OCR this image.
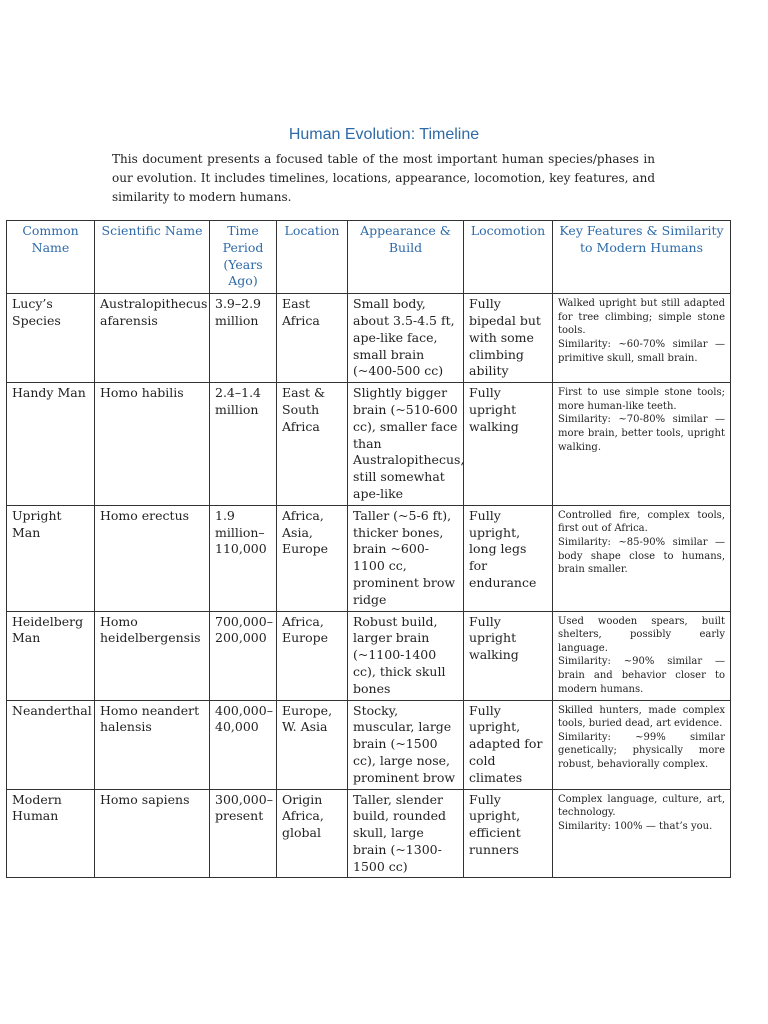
Human Evolution: Timeline
This document presents a focused table of the most important human species/phases in our evolution. It includes timelines, locations, appearance, locomotion, key features, and similarity to modern humans.
Common Name	Scientific Name	Time Period (Years Ago)	Location	Appearance & Build	Locomotion	Key Features & Similarity to Modern Humans
Lucy’s Species	Australopithecus afarensis	3.9–2.9 million	East Africa	Small body, about 3.5-4.5 ft, ape-like face, small brain (~400-500 cc)	Fully bipedal but with some climbing ability	Walked upright but still adapted for tree climbing; simple stone tools.
Similarity: ~60-70% similar — primitive skull, small brain.

Handy Man	Homo habilis	2.4–1.4 million	East & South Africa	Slightly bigger brain (~510-600 cc), smaller face than Australopithecus, still somewhat ape-like	Fully upright walking	First to use simple stone tools; more human-like teeth.
Similarity: ~70-80% similar — more brain, better tools, upright walking.

Upright Man	Homo erectus	1.9 million–110,000	Africa, Asia, Europe	Taller (~5-6 ft), thicker bones, brain ~600-1100 cc, prominent brow ridge	Fully upright, long legs for endurance	Controlled fire, complex tools, first out of Africa.
Similarity: ~85-90% similar — body shape close to humans, brain smaller.

Heidelberg Man	Homo heidelbergensis	700,000–200,000	Africa, Europe	Robust build, larger brain (~1100-1400 cc), thick skull bones	Fully upright walking	Used wooden spears, built shelters, possibly early language.
Similarity: ~90% similar — brain and behavior closer to modern humans.

Neanderthal	Homo neanderthalensis	400,000–40,000	Europe, W. Asia	Stocky, muscular, large brain (~1500 cc), large nose, prominent brow	Fully upright, adapted for cold climates	Skilled hunters, made complex tools, buried dead, art evidence.
Similarity: ~99% similar genetically; physically more robust, behaviorally complex.

Modern Human	Homo sapiens	300,000–present	Origin Africa, global	Taller, slender build, rounded skull, large brain (~1300-1500 cc)	Fully upright, efficient runners	Complex language, culture, art, technology.
Similarity: 100% — that’s you.
